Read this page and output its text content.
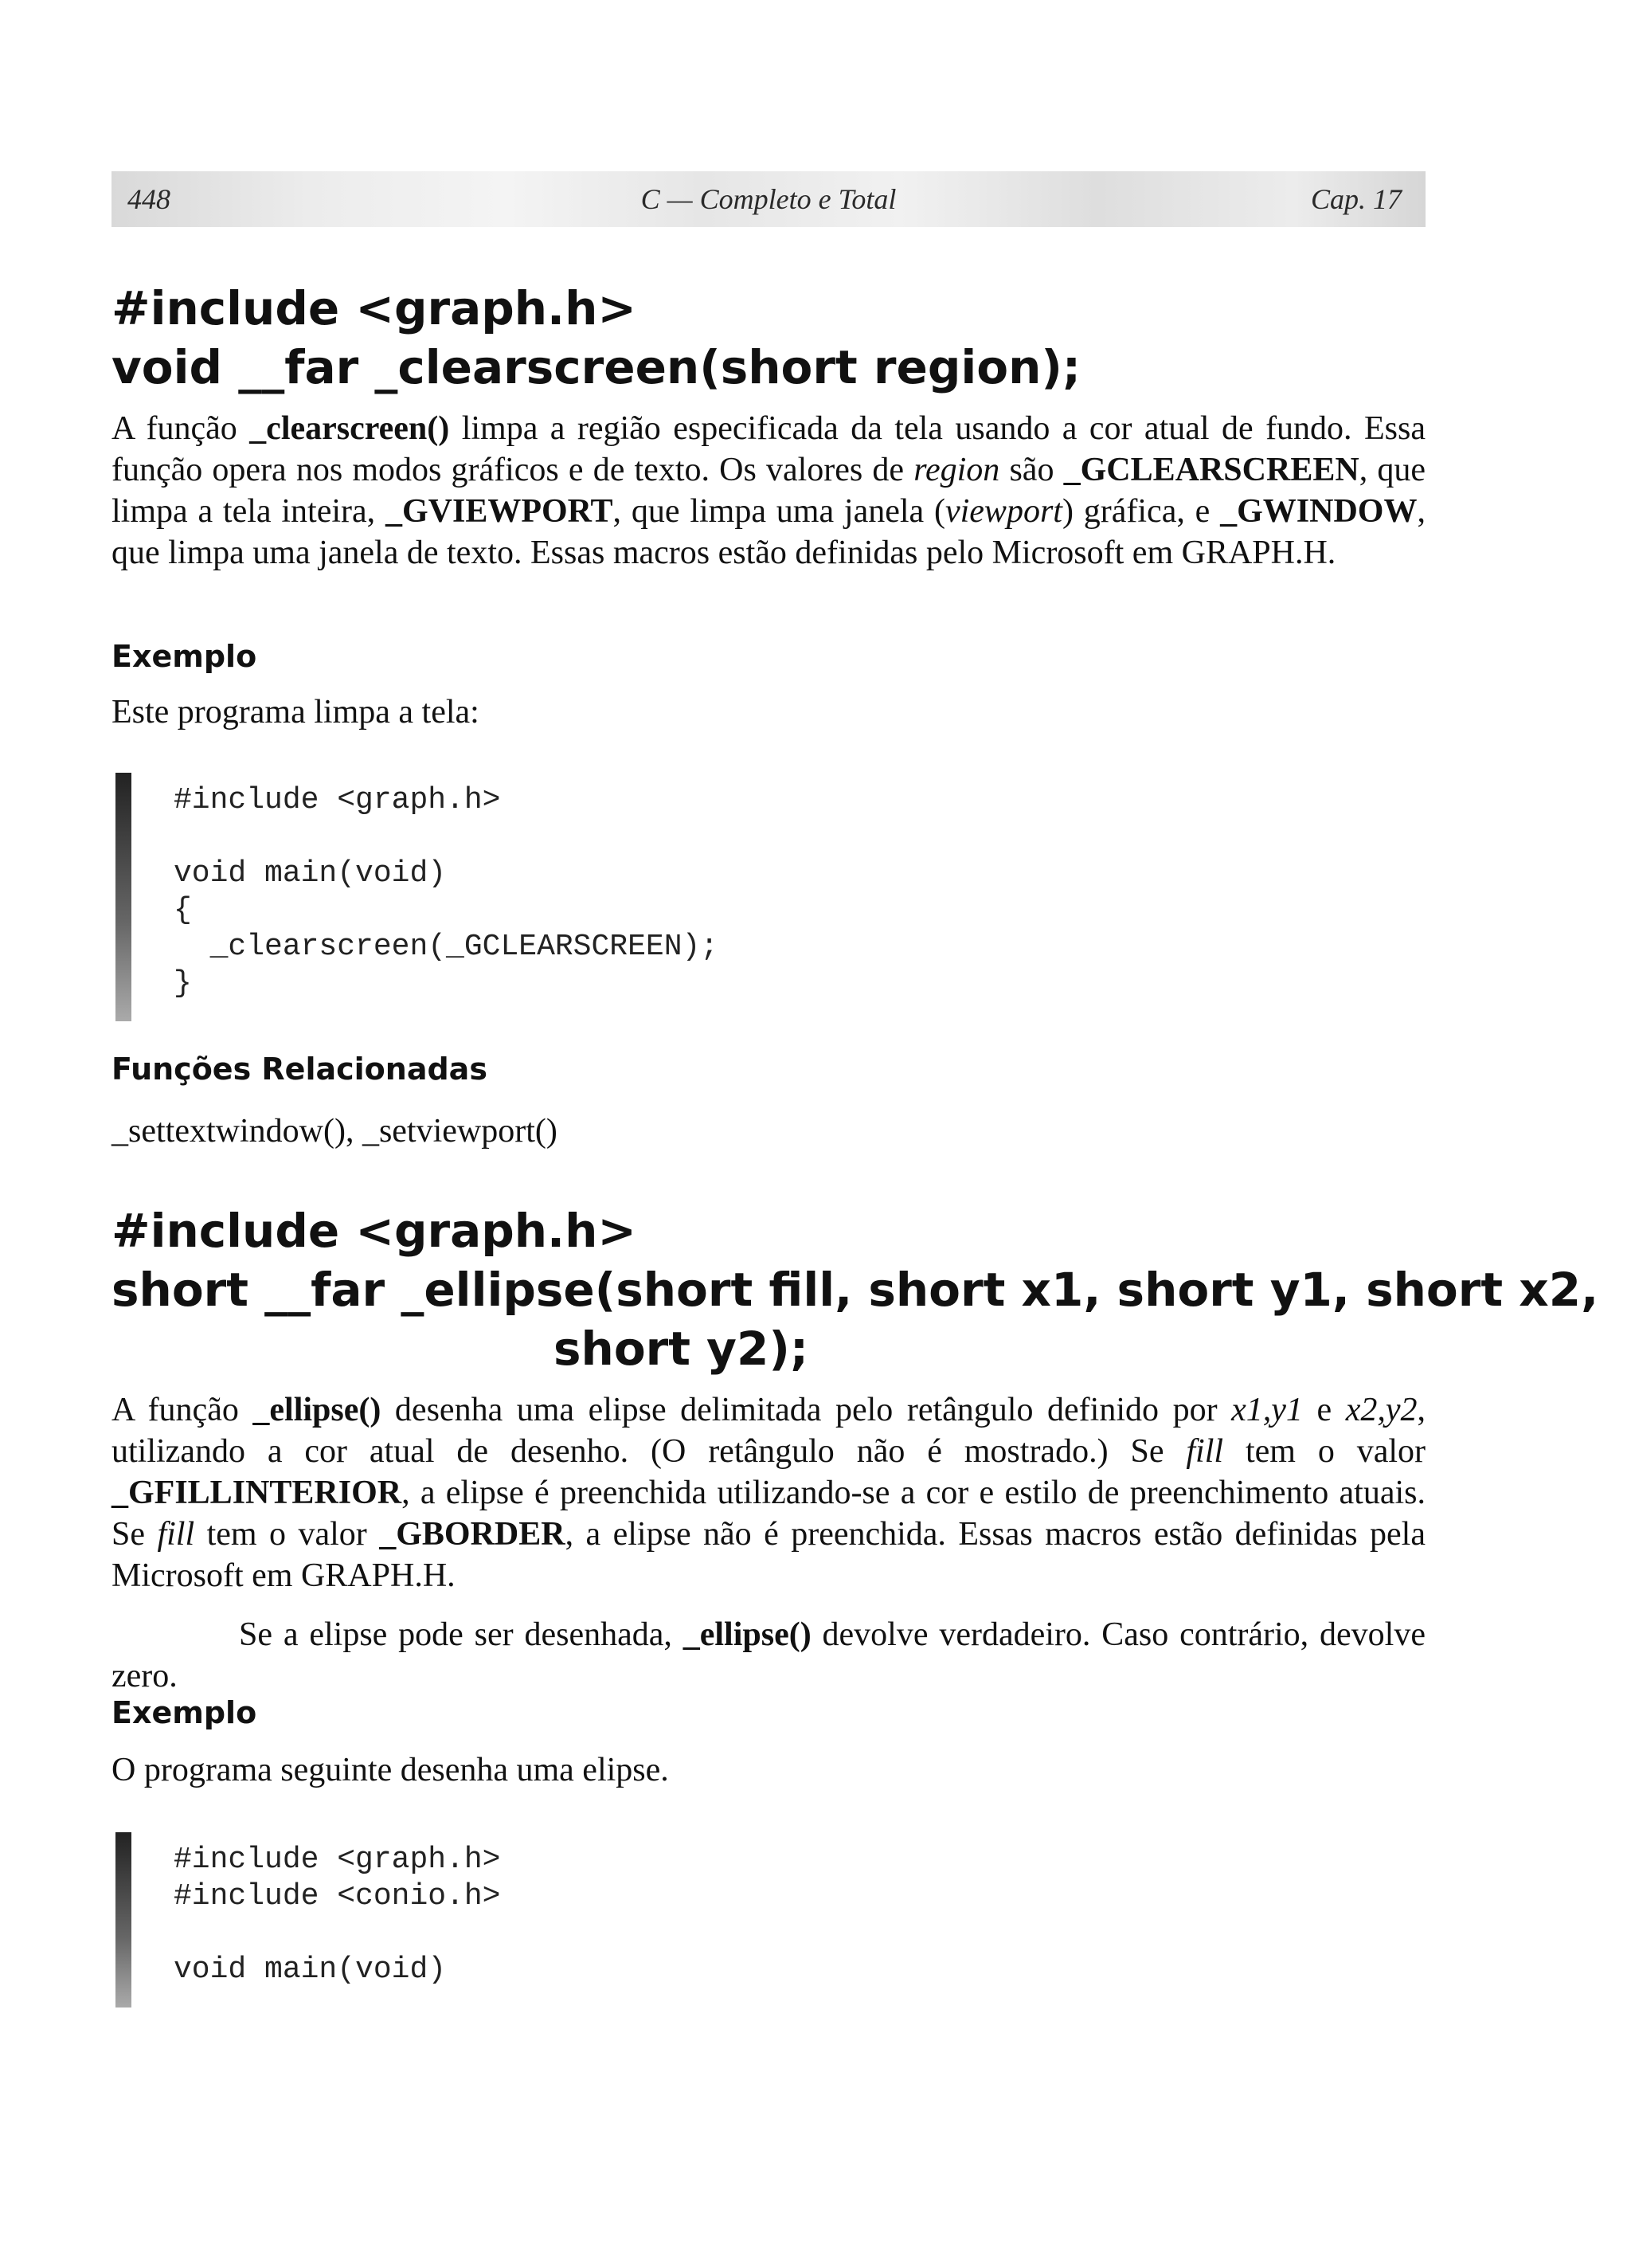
448	C — Completo e Total	Cap. 17
#include <graph.h>
void __far _clearscreen(short region);

A função _clearscreen() limpa a região especificada da tela usando a cor atual de fundo. Essa função opera nos modos gráficos e de texto. Os valores de region são _GCLEARSCREEN, que limpa a tela inteira, _GVIEWPORT, que limpa uma janela (viewport) gráfica, e _GWINDOW, que limpa uma janela de texto. Essas macros estão definidas pelo Microsoft em GRAPH.H.

Exemplo

Este programa limpa a tela:

#include <graph.h>

void main(void)
{
_clearscreen(_GCLEARSCREEN);
}
Funções Relacionadas
_settextwindow(), _setviewport()
#include <graph.h>
short __far _ellipse(short fill, short x1, short y1, short x2,
short y2);

A função _ellipse() desenha uma elipse delimitada pelo retângulo definido por x1,y1 e x2,y2, utilizando a cor atual de desenho. (O retângulo não é mostrado.) Se fill tem o valor _GFILLINTERIOR, a elipse é preenchida utilizando-se a cor e estilo de preenchimento atuais. Se fill tem o valor _GBORDER, a elipse não é preenchida. Essas macros estão definidas pela Microsoft em GRAPH.H.

Se a elipse pode ser desenhada, _ellipse() devolve verdadeiro. Caso contrário, devolve zero.

Exemplo

O programa seguinte desenha uma elipse.

#include <graph.h>
#include <conio.h>

void main(void)
